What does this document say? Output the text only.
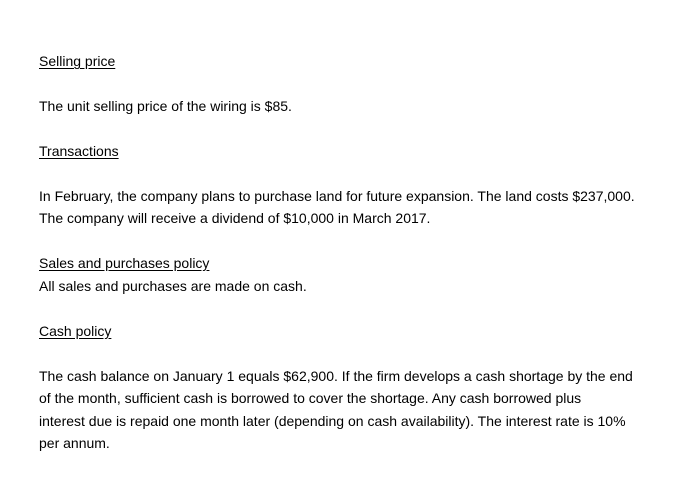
Selling price
The unit selling price of the wiring is $85.
Transactions
In February, the company plans to purchase land for future expansion. The land costs $237,000.
The company will receive a dividend of $10,000 in March 2017.
Sales and purchases policy
All sales and purchases are made on cash.
Cash policy
The cash balance on January 1 equals $62,900. If the firm develops a cash shortage by the end
of the month, sufficient cash is borrowed to cover the shortage. Any cash borrowed plus
interest due is repaid one month later (depending on cash availability). The interest rate is 10%
per annum.
